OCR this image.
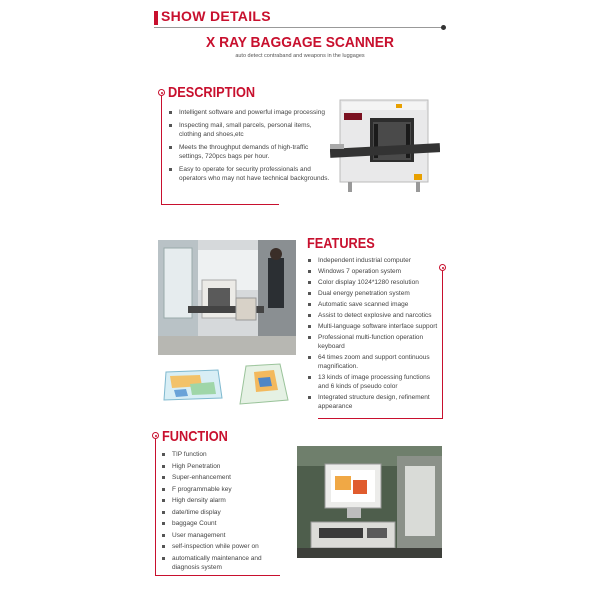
SHOW DETAILS
X RAY BAGGAGE SCANNER
auto detect contraband and weapons in the luggages
DESCRIPTION
Intelligent software and powerful image processing
Inspecting mail, small parcels, personal items, clothing and shoes,etc
Meets the throughput demands of high-traffic settings, 720pcs bags per hour.
Easy to operate for security professionals and operators who may not have technical backgrounds.
FEATURES
Independent industrial computer
Windows 7 operation system
Color display 1024*1280 resolution
Dual energy penetration system
Automatic save scanned image
Assist to detect explosive and narcotics
Multi-language software interface support
Professional multi-function operation keyboard
64 times zoom and support continuous magnification.
13 kinds of image processing functions and 6 kinds of pseudo color
Integrated structure design, refinement appearance
FUNCTION
TIP function
High Penetration
Super-enhancement
F programmable key
High density alarm
date/time display
baggage Count
User management
self-inspection while power on
automatically maintenance and diagnosis system
